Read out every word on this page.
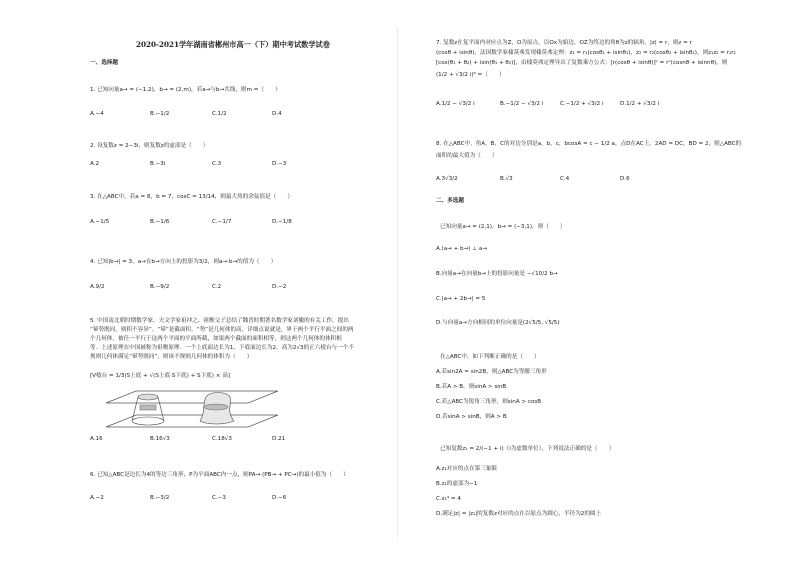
2020-2021学年湖南省郴州市高一（下）期中考试数学试卷
一、选择题
1. 已知向量a→ = (−1,2)，b→ = (2,m)，若a→与b→共线，则m =（　　）
A.−4	B.−1/2	C.1/2	D.4
2. 设复数z = 2−3i，则复数z的虚部是（　　）
A.2	B.−3i	C.3	D.−3
3. 在△ABC中，若a = 8，b = 7，cosC = 13/14，则最大角的余弦值是（　　）
A.−1/5	B.−1/6	C.−1/7	D.−1/8
4. 已知|b→| = 3，a→在b→方向上的投影为3/2，则a→·b→的值为（　　）
A.9/2	B.−9/2	C.2	D.−2
5. 中国南北朝时期数学家、天文学家祖冲之、祖暅父子总结了魏晋时期著名数学家刘徽的有关工作，提出
“幂势既同，则积不容异”。“幂”是截面积，“势”是几何体的高，详细点说就是，界于两个平行平面之间的两
个几何体，被任一平行于这两个平面的平面所截，如果两个截面的面积相等，则这两个几何体的体积相
等．上述原理在中国被称为祖暅原理．一个上底面边长为1，下底面边长为2，高为2√3的正六棱台与一个不
规则几何体满足“幂势既同”，则该不规则几何体的体积为（　　）
[V棱台 = 1/3(S上底 + √(S上底·S下底) + S下底) × 高]
A.16	B.16√3	C.18√3	D.21
6. 已知△ABC是边长为4的等边三角形，P为平面ABC内一点，则PA→·(PB→ + PC→)的最小值为（　　）
A.−2	B.−3/2	C.−3	D.−6
7. 复数z在复平面内对应点为Z，O为原点，以Ox为始边，OZ为终边的角θ为z的辐角，|z| = r，则z = r
(cosθ + isinθ)，法国数学家棣莫弗发现棣莫弗定理：z₁ = r₁(cosθ₁ + isinθ₁)，z₂ = r₂(cosθ₂ + isinθ₂)，则z₁z₂ = r₁r₂
[cos(θ₁ + θ₂) + isin(θ₁ + θ₂)]，由棣莫弗定理导出了复数乘方公式：[r(cosθ + isinθ)]ⁿ = rⁿ(cosnθ + isinnθ)，则
(1/2 + √3/2 i)⁶ =（　　）
A.1/2 − √3/2 i	B.−1/2 − √3/2 i	C.−1/2 + √3/2 i	D.1/2 + √3/2 i
8. 在△ABC中，角A，B，C的对边分别是a，b，c，bcosA = c − 1/2 a，点D在AC上，2AD = DC，BD = 2，则△ABC的
面积的最大值为（　　）
A.3√3/2	B.√3	C.4	D.6
二、多选题
已知向量a→ = (2,1)，b→ = (−3,1)，则（　　）
A.(a→ + b→) ⊥ a→
B.向量a→在向量b→上的投影向量是 −√10/2 b→
C.|a→ + 2b→| = 5
D.与向量a→方向相同的单位向量是(2√5/5, √5/5)
在△ABC中，如下判断正确的是（　　）
A.若sin2A = sin2B，则△ABC为等腰三角形
B.若A > B，则sinA > sinB
C.若△ABC为锐角三角形，则sinA > cosB
D.若sinA > sinB，则A > B
已知复数z₁ = 2/(−1 + i)（i为虚数单位），下列说法正确的是（　　）
A.z₁对应的点在第三象限
B.z₁的虚部为−1
C.z₁⁴ = 4
D.满足|z| = |z₁|的复数z对应的点在以原点为圆心，半径为2的圆上
